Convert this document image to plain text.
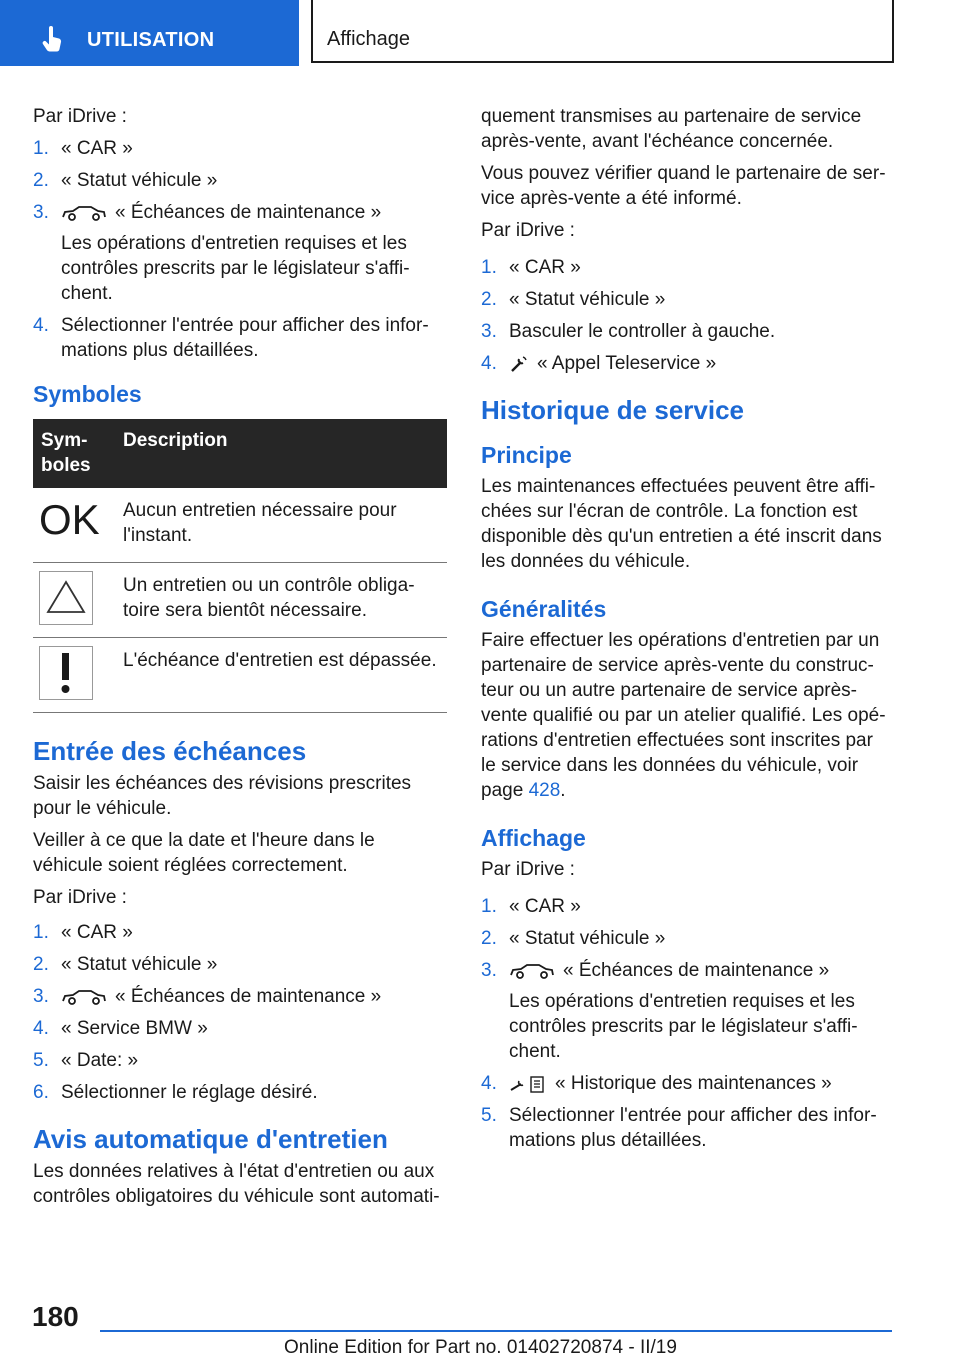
UTILISATION	Affichage

Par iDrive :

1. « CAR »
2. « Statut véhicule »
3.	« Échéances de maintenance »
Les opérations d'entretien requises et les contrôles prescrits par le législateur s'affi-chent.
4. Sélectionner l'entrée pour afficher des infor-mations plus détaillées.
Symboles
Sym-boles	Description

OK	Aucun entretien nécessaire pour l'instant.

	Un entretien ou un contrôle obliga-toire sera bientôt nécessaire.

	L'échéance d'entretien est dépassée.
Entrée des échéances

Saisir les échéances des révisions prescrites pour le véhicule.

Veiller à ce que la date et l'heure dans le véhicule soient réglées correctement.

Par iDrive :

1. « CAR »
2. « Statut véhicule »
3.	« Échéances de maintenance »
4. « Service BMW »
5. « Date: »
6. Sélectionner le réglage désiré.
Avis automatique d'entretien

Les données relatives à l'état d'entretien ou aux contrôles obligatoires du véhicule sont automati-

quement transmises au partenaire de service après-vente, avant l'échéance concernée.

Vous pouvez vérifier quand le partenaire de ser-vice après-vente a été informé.

Par iDrive :

1. « CAR »
2. « Statut véhicule »
3. Basculer le controller à gauche.
4. « Appel Teleservice »
Historique de service
Principe

Les maintenances effectuées peuvent être affi-chées sur l'écran de contrôle. La fonction est disponible dès qu'un entretien a été inscrit dans les données du véhicule.

Généralités

Faire effectuer les opérations d'entretien par un partenaire de service après-vente du construc-teur ou un autre partenaire de service après-vente qualifié ou par un atelier qualifié. Les opé-rations d'entretien effectuées sont inscrites par le service dans les données du véhicule, voir page 428.

Affichage

Par iDrive :

1. « CAR »
2. « Statut véhicule »
3.	« Échéances de maintenance »
Les opérations d'entretien requises et les contrôles prescrits par le législateur s'affi-chent.
4.	« Historique des maintenances »
5. Sélectionner l'entrée pour afficher des infor-mations plus détaillées.
180
Online Edition for Part no. 01402720874 - II/19
